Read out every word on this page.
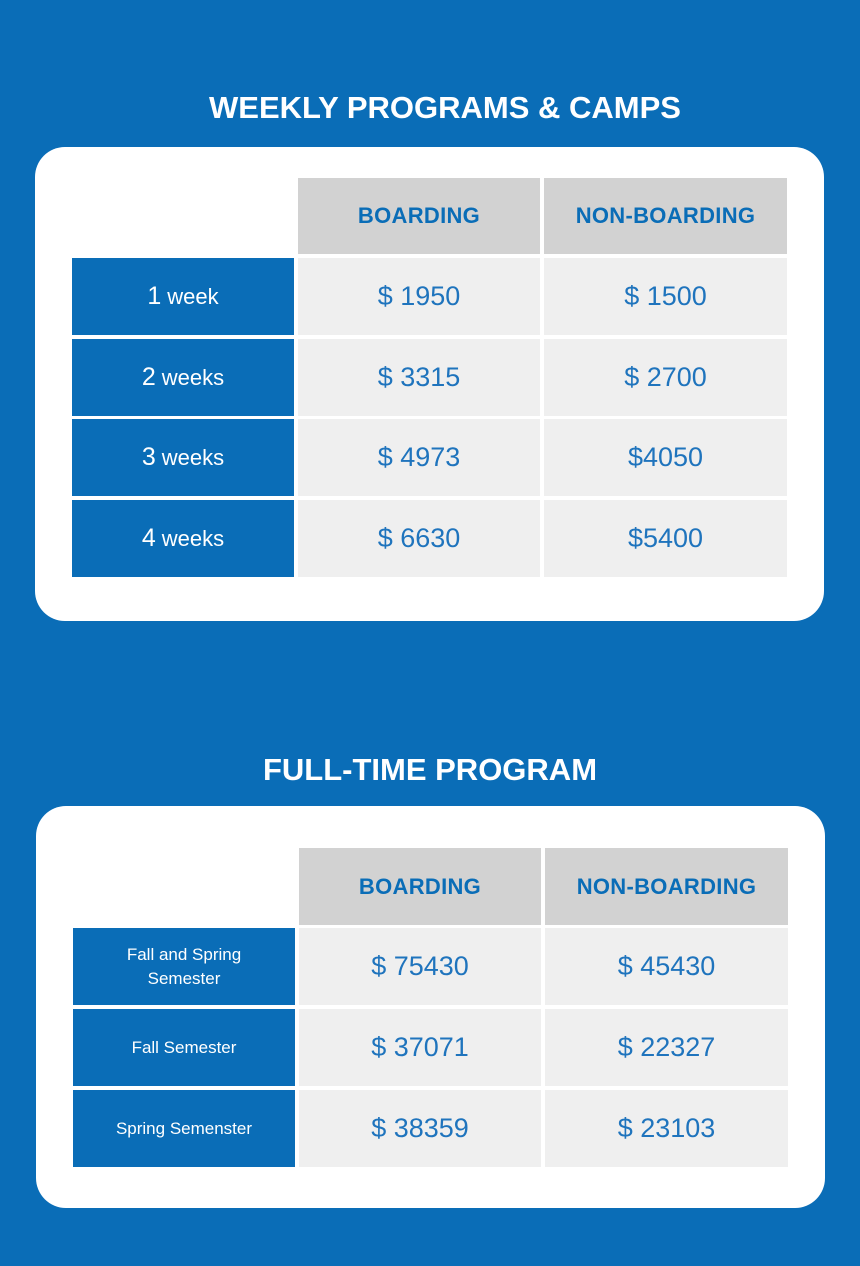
WEEKLY PROGRAMS & CAMPS
BOARDING	NON-BOARDING
1 week	$ 1950	$ 1500
2 weeks	$ 3315	$ 2700
3 weeks	$ 4973	$4050
4 weeks	$ 6630	$5400
FULL-TIME PROGRAM
BOARDING	NON-BOARDING
Fall and Spring Semester	$ 75430	$ 45430
Fall Semester	$ 37071	$ 22327
Spring Semenster	$ 38359	$ 23103
